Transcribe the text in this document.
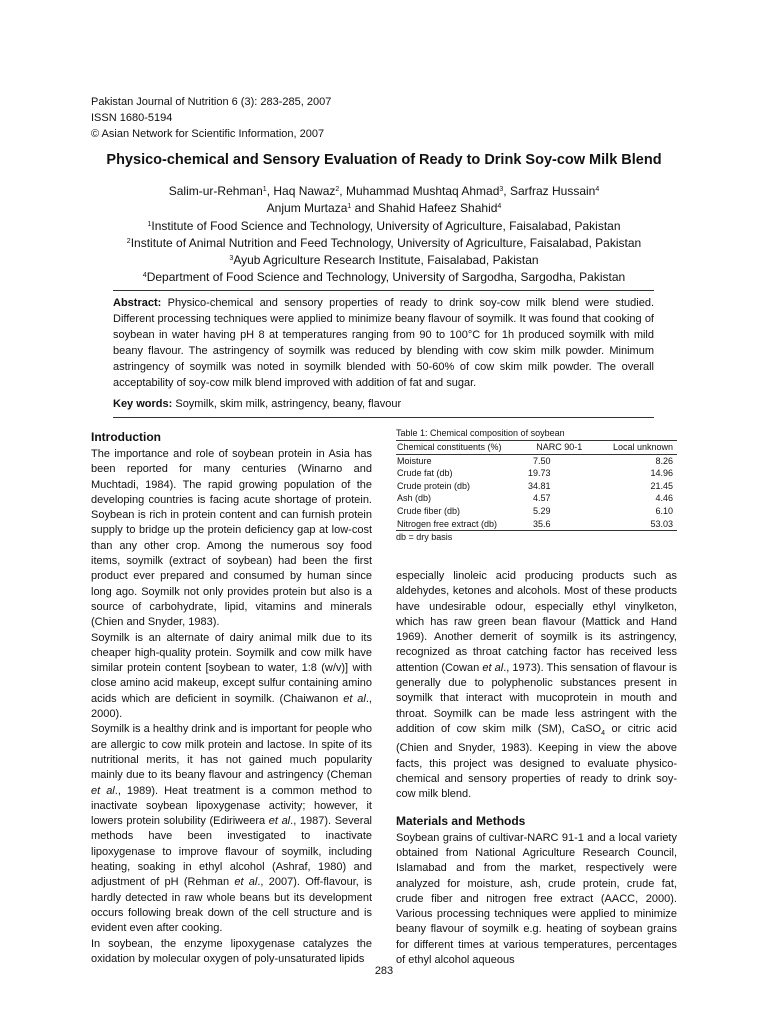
Pakistan Journal of Nutrition 6 (3): 283-285, 2007
ISSN 1680-5194
© Asian Network for Scientific Information, 2007
Physico-chemical and Sensory Evaluation of Ready to Drink Soy-cow Milk Blend
Salim-ur-Rehman$^1$, Haq Nawaz$^2$, Muhammad Mushtaq Ahmad$^3$, Sarfraz Hussain$^4$
Anjum Murtaza$^1$ and Shahid Hafeez Shahid$^4$
$^1$Institute of Food Science and Technology, University of Agriculture, Faisalabad, Pakistan
$^2$Institute of Animal Nutrition and Feed Technology, University of Agriculture, Faisalabad, Pakistan
$^3$Ayub Agriculture Research Institute, Faisalabad, Pakistan
$^4$Department of Food Science and Technology, University of Sargodha, Sargodha, Pakistan
Abstract: Physico-chemical and sensory properties of ready to drink soy-cow milk blend were studied. Different processing techniques were applied to minimize beany flavour of soymilk. It was found that cooking of soybean in water having pH 8 at temperatures ranging from 90 to 100°C for 1h produced soymilk with mild beany flavour. The astringency of soymilk was reduced by blending with cow skim milk powder. Minimum astringency of soymilk was noted in soymilk blended with 50-60% of cow skim milk powder. The overall acceptability of soy-cow milk blend improved with addition of fat and sugar.
Key words: Soymilk, skim milk, astringency, beany, flavour
Introduction

The importance and role of soybean protein in Asia has been reported for many centuries (Winarno and Muchtadi, 1984). The rapid growing population of the developing countries is facing acute shortage of protein. Soybean is rich in protein content and can furnish protein supply to bridge up the protein deficiency gap at low-cost than any other crop. Among the numerous soy food items, soymilk (extract of soybean) had been the first product ever prepared and consumed by human since long ago. Soymilk not only provides protein but also is a source of carbohydrate, lipid, vitamins and minerals (Chien and Snyder, 1983).

Soymilk is an alternate of dairy animal milk due to its cheaper high-quality protein. Soymilk and cow milk have similar protein content [soybean to water, 1:8 (w/v)] with close amino acid makeup, except sulfur containing amino acids which are deficient in soymilk. (Chaiwanon et al., 2000).

Soymilk is a healthy drink and is important for people who are allergic to cow milk protein and lactose. In spite of its nutritional merits, it has not gained much popularity mainly due to its beany flavour and astringency (Cheman et al., 1989). Heat treatment is a common method to inactivate soybean lipoxygenase activity; however, it lowers protein solubility (Ediriweera et al., 1987). Several methods have been investigated to inactivate lipoxygenase to improve flavour of soymilk, including heating, soaking in ethyl alcohol (Ashraf, 1980) and adjustment of pH (Rehman et al., 2007). Off-flavour, is hardly detected in raw whole beans but its development occurs following break down of the cell structure and is evident even after cooking.

In soybean, the enzyme lipoxygenase catalyzes the oxidation by molecular oxygen of poly-unsaturated lipids

Table 1: Chemical composition of soybean
Chemical constituents (%)	NARC 90-1	Local unknown
Moisture	7.50	8.26
Crude fat (db)	19.73	14.96
Crude protein (db)	34.81	21.45
Ash (db)	4.57	4.46
Crude fiber (db)	5.29	6.10
Nitrogen free extract (db)	35.6	53.03
db = dry basis

especially linoleic acid producing products such as aldehydes, ketones and alcohols. Most of these products have undesirable odour, especially ethyl vinylketon, which has raw green bean flavour (Mattick and Hand 1969). Another demerit of soymilk is its astringency, recognized as throat catching factor has received less attention (Cowan et al., 1973). This sensation of flavour is generally due to polyphenolic substances present in soymilk that interact with mucoprotein in mouth and throat. Soymilk can be made less astringent with the addition of cow skim milk (SM), CaSO$_4$ or citric acid (Chien and Snyder, 1983). Keeping in view the above facts, this project was designed to evaluate physico-chemical and sensory properties of ready to drink soy-cow milk blend.

Materials and Methods

Soybean grains of cultivar-NARC 91-1 and a local variety obtained from National Agriculture Research Council, Islamabad and from the market, respectively were analyzed for moisture, ash, crude protein, crude fat, crude fiber and nitrogen free extract (AACC, 2000). Various processing techniques were applied to minimize beany flavour of soymilk e.g. heating of soybean grains for different times at various temperatures, percentages of ethyl alcohol aqueous

283
